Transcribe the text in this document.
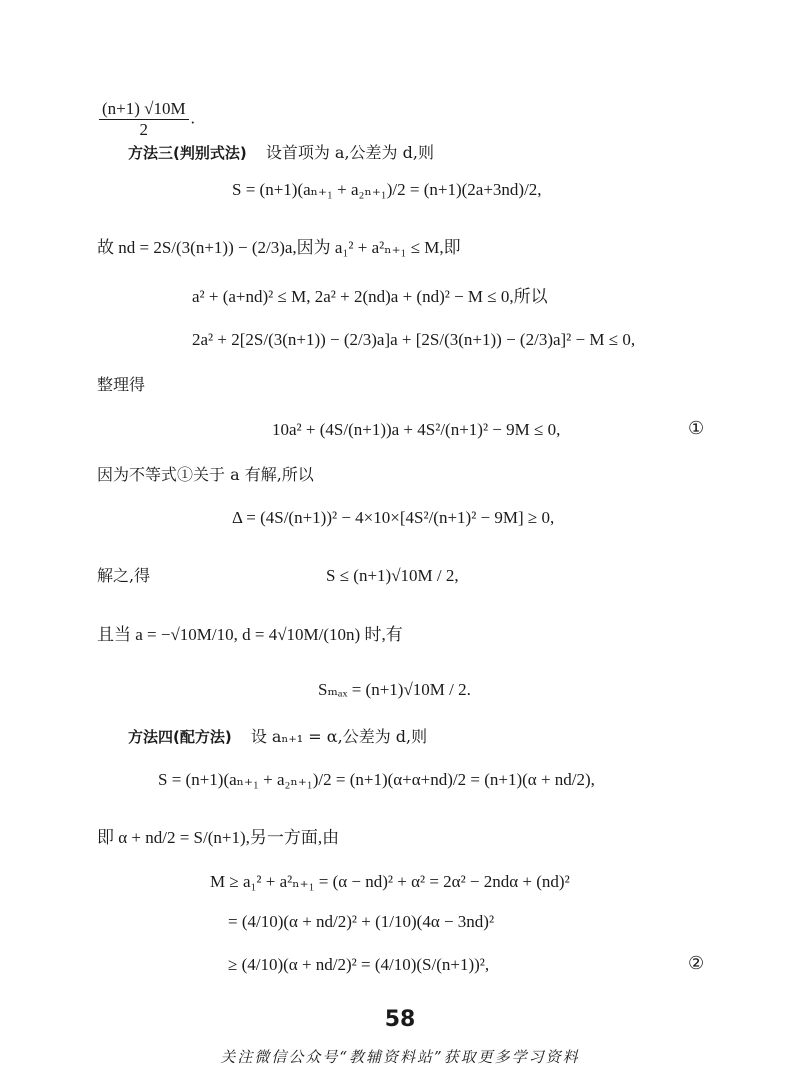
$\frac{(n+1) √10M}{2}$ .
方法三(判别式法) 设首项为 a,公差为 d,则
S = (n+1)(aₙ₊₁ + a₂ₙ₊₁)/2 = (n+1)(2a+3nd)/2,
故 nd = 2S/(3(n+1)) − (2/3)a,因为 a₁² + a²ₙ₊₁ ≤ M,即
a² + (a+nd)² ≤ M, 2a² + 2(nd)a + (nd)² − M ≤ 0,所以
2a² + 2[2S/(3(n+1)) − (2/3)a]a + [2S/(3(n+1)) − (2/3)a]² − M ≤ 0,
整理得
10a² + (4S/(n+1))a + 4S²/(n+1)² − 9M ≤ 0,	①
因为不等式①关于 a 有解,所以
Δ = (4S/(n+1))² − 4×10×[4S²/(n+1)² − 9M] ≥ 0,
解之,得	S ≤ (n+1)√10M / 2,
且当 a = −√10M/10, d = 4√10M/(10n) 时,有
Sₘₐₓ = (n+1)√10M / 2.
方法四(配方法) 设 aₙ₊₁ = α,公差为 d,则
S = (n+1)(aₙ₊₁ + a₂ₙ₊₁)/2 = (n+1)(α+α+nd)/2 = (n+1)(α + nd/2),
即 α + nd/2 = S/(n+1),另一方面,由
M ≥ a₁² + a²ₙ₊₁ = (α − nd)² + α² = 2α² − 2ndα + (nd)²
= (4/10)(α + nd/2)² + (1/10)(4α − 3nd)²
≥ (4/10)(α + nd/2)² = (4/10)(S/(n+1))²,	②
58
关注微信公众号“教辅资料站”获取更多学习资料
